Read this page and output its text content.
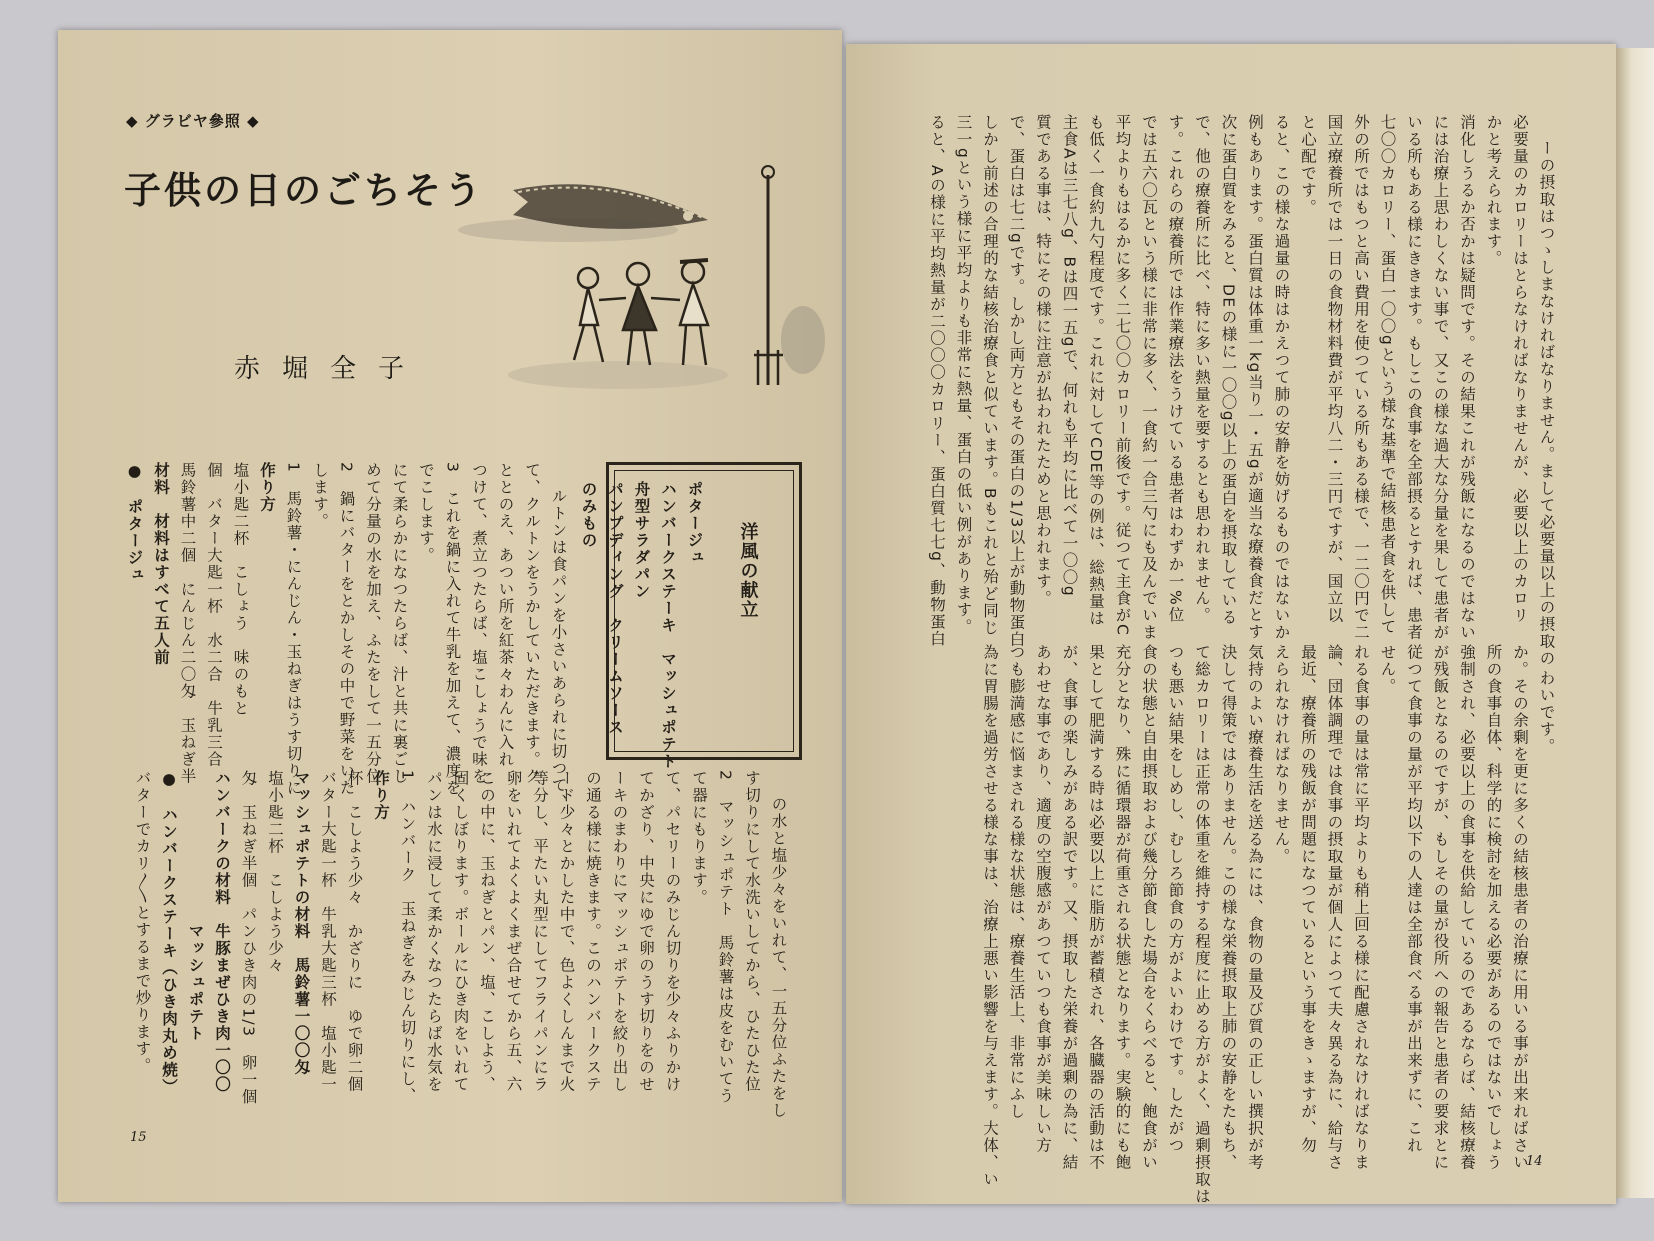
◆ グラビヤ參照 ◆
子供の日のごちそう
赤堀全子

ルトンは食パンを小さいあられに切つて、
て、クルトンをうかしていただきます。ク
ととのえ、あつい所を紅茶々わんに入れ
つけて、煮立つたらば、塩こしょうで味を
3　これを鍋に入れて牛乳を加えて、濃度を
でこします。
にて柔らかになつたらば、汁と共に裏ごし
めて分量の水を加え、ふたをして一五分位
2　鍋にバターをとかしその中で野菜をいた
します。
1　馬鈴薯・にんじん・玉ねぎはうす切りに
作り方
塩小匙二杯　こしょう　味のもと
個　バター大匙一杯　水二合　牛乳三合
馬鈴薯中二個　にんじん二〇匁　玉ねぎ半
材料　材料はすべて五人前
●　ポタージュ
	洋風の献立

ポタージュ
ハンバークステーキ　マッシュポテト
舟型サラダパン
パンプディング　クリームソース
のみもの

の水と塩少々をいれて、一五分位ふたをし
す切りにして水洗いしてから、ひたひた位
2　マッシュポテト　馬鈴薯は皮をむいてう
て器にもります。
て、パセリーのみじん切りを少々ふりかけ
てかざり、中央にゆで卵のうす切りをのせ
ーキのまわりにマッシュポテトを絞り出し
の通る様に焼きます。このハンバークステ
ード少々とかした中で、色よくしんまで火
等分し、平たい丸型にしてフライパンにラ
卵をいれてよくよくまぜ合せてから五、六
この中に、玉ねぎとパン、塩、こしよう、
固くしぼります。ボールにひき肉をいれて
パンは水に浸して柔かくなつたらば水気を
1　ハンバーク　玉ねぎをみじん切りにし、
作り方
杯　こしよう少々　かざりに　ゆで卵二個
バター大匙一杯　牛乳大匙三杯　塩小匙一
マッシュポテトの材料　馬鈴薯一〇〇匁
塩小匙二杯　こしよう少々
匁　玉ねぎ半個　パンひき肉の1/3　卵一個
ハンバークの材料　牛豚まぜひき肉一〇〇
　　　　　　　　　マッシュポテト
●　ハンバークステーキ（ひき肉丸め焼）
バターでカリ〱とするまで炒ります。

15

ーの摂取はつゝしまなければなりません。まして必要量以上の摂取の
必要量のカロリーはとらなければなりませんが、必要以上のカロリ
かと考えられます。
消化しうるか否かは疑問です。その結果これが残飯になるのではない
には治療上思わしくない事で、又この様な過大な分量を果して患者が
いる所もある様にききます。もしこの食事を全部摂るとすれば、患者
七〇〇カロリー、蛋白一〇〇gという様な基準で結核患者食を供して
外の所ではもつと高い費用を使つている所もある様で、一二〇円で二
国立療養所では一日の食物材料費が平均八二・三円ですが、国立以
と心配です。
ると、この様な過量の時はかえつて肺の安静を妨げるものではないか
例もあります。蛋白質は体重一kg当り一・五gが適当な療養食だとす
次に蛋白質をみると、DEの様に一〇〇g以上の蛋白を摂取している
で、他の療養所に比べ、特に多い熱量を要するとも思われません。
す。これらの療養所では作業療法をうけている患者はわずか一%位
では五六〇瓦という様に非常に多く、一食約一合三勺にも及んでいま
平均よりもはるかに多く二七〇〇カロリー前後です。従つて主食がC
も低く一食約九勺程度です。これに対してCDE等の例は、総熱量は
主食Aは三七八g、Bは四一五gで、何れも平均に比べて一〇〇g
質である事は、特にその様に注意が払われたためと思われます。
で、蛋白は七二gです。しかし両方ともその蛋白の1/3以上が動物蛋白
しかし前述の合理的な結核治療食と似ています。Bもこれと殆ど同じ
三一gという様に平均よりも非常に熱量、蛋白の低い例があります。
ると、Aの様に平均熱量が二〇〇〇カロリー、蛋白質七七g、動物蛋白

わいです。
か。その余剰を更に多くの結核患者の治療に用いる事が出来ればさい
所の食事自体、科学的に検討を加える必要があるのではないでしょう
強制され、必要以上の食事を供給しているのであるならば、結核療養
が残飯となるのですが、もしその量が役所への報告と患者の要求とに
従つて食事の量が平均以下の人達は全部食べる事が出来ずに、これ
せん。
れる食事の量は常に平均よりも稍上回る様に配慮されなければなりま
論、団体調理では食事の摂取量が個人によつて夫々異る為に、給与さ
最近、療養所の残飯が問題になつているという事をきゝますが、勿
えられなければなりません。
気持のよい療養生活を送る為には、食物の量及び質の正しい撰択が考
決して得策ではありません。この様な栄養摂取上肺の安静をたもち、
て総カロリーは正常の体重を維持する程度に止める方がよく、過剰摂取は
つも悪い結果をしめし、むしろ節食の方がよいわけです。したがつ
食の状態と自由摂取および幾分節食した場合をくらべると、飽食がい
充分となり、殊に循環器が荷重される状態となります。実験的にも飽
果として肥満する時は必要以上に脂肪が蓄積され、各臓器の活動は不
が、食事の楽しみがある訳です。又、摂取した栄養が過剰の為に、結
あわせな事であり、適度の空腹感があつていつも食事が美味しい方
つも膨満感に悩まされる様な状態は、療養生活上、非常にふし
為に胃腸を過労させる様な事は、治療上悪い影響を与えます。大体、い
	14
